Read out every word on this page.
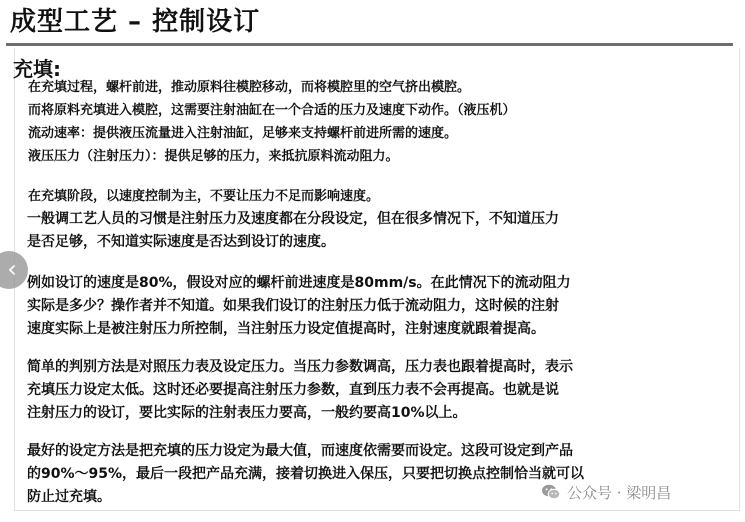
成型工艺 – 控制设订
充填:
在充填过程，螺杆前进，推动原料往模腔移动，而将模腔里的空气挤出模腔。
而将原料充填进入模腔，这需要注射油缸在一个合适的压力及速度下动作。（液压机）
流动速率：提供液压流量进入注射油缸，足够来支持螺杆前进所需的速度。
液压压力（注射压力）：提供足够的压力，来抵抗原料流动阻力。
在充填阶段，以速度控制为主，不要让压力不足而影响速度。
一般调工艺人员的习惯是注射压力及速度都在分段设定，但在很多情况下，不知道压力
是否足够，不知道实际速度是否达到设订的速度。
例如设订的速度是80%，假设对应的螺杆前进速度是80mm/s。在此情况下的流动阻力
实际是多少？操作者并不知道。如果我们设订的注射压力低于流动阻力，这时候的注射
速度实际上是被注射压力所控制，当注射压力设定值提高时，注射速度就跟着提高。
简单的判别方法是对照压力表及设定压力。当压力参数调高，压力表也跟着提高时，表示
充填压力设定太低。这时还必要提高注射压力参数，直到压力表不会再提高。也就是说
注射压力的设订，要比实际的注射表压力要高，一般约要高10%以上。
最好的设定方法是把充填的压力设定为最大值，而速度依需要而设定。这段可设定到产品
的90%～95%，最后一段把产品充满，接着切换进入保压，只要把切换点控制恰当就可以
防止过充填。
‹
公众号 · 梁明昌
